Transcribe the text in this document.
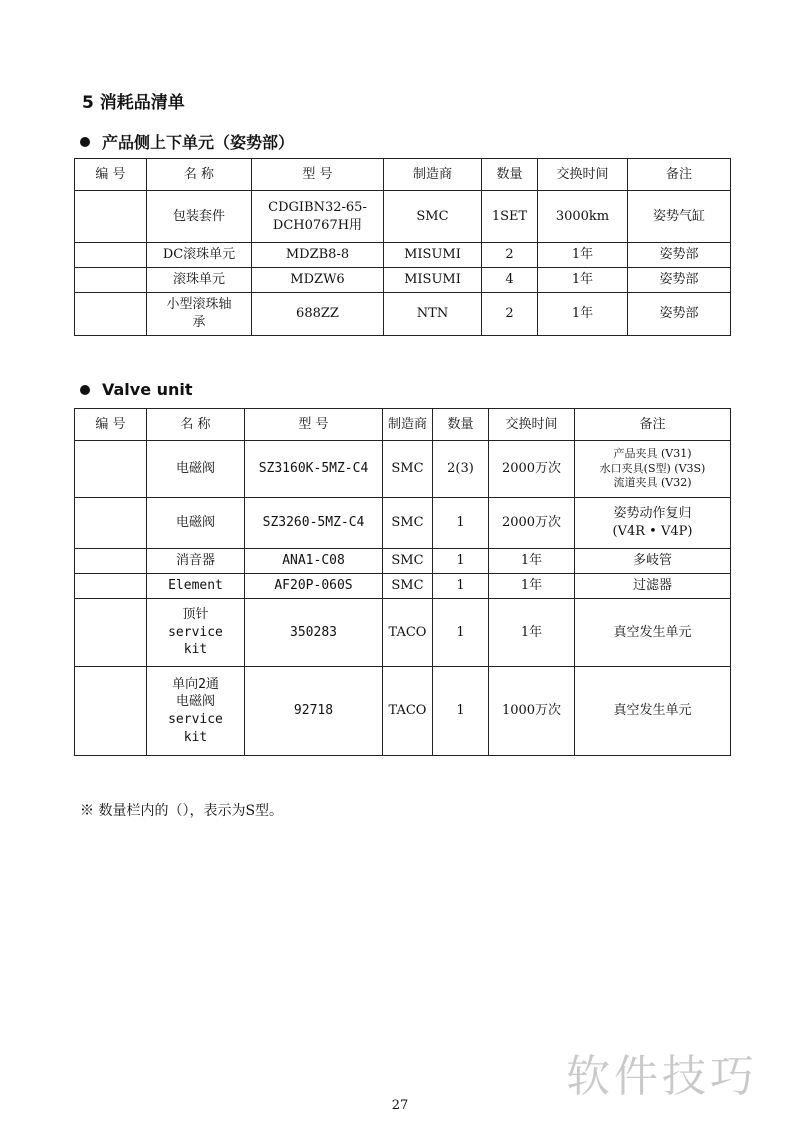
5 消耗品清单
产品侧上下单元（姿势部）
编 号	名 称	型 号	制造商	数量	交换时间	备注

	包装套件	CDGIBN32-65-
DCH0767H用	SMC	1SET	3000km	姿势气缸

	DC滚珠单元	MDZB8-8	MISUMI	2	1年	姿势部

	滚珠单元	MDZW6	MISUMI	4	1年	姿势部

	小型滚珠轴
承	688ZZ	NTN	2	1年	姿势部
Valve unit
编 号	名 称	型 号	制造商	数量	交换时间	备注

	电磁阀	SZ3160K-5MZ-C4	SMC	2(3)	2000万次	产品夹具 (V31)
水口夹具(S型) (V3S)
流道夹具 (V32)

	电磁阀	SZ3260-5MZ-C4	SMC	1	2000万次	姿势动作复归
(V4R • V4P)

	消音器	ANA1-C08	SMC	1	1年	多岐管

	Element	AF20P-060S	SMC	1	1年	过滤器

	顶针
service
kit	350283	TACO	1	1年	真空发生单元

	单向2通
电磁阀
service
kit	92718	TACO	1	1000万次	真空发生单元
※ 数量栏内的（），表示为S型。
软件技巧
27
